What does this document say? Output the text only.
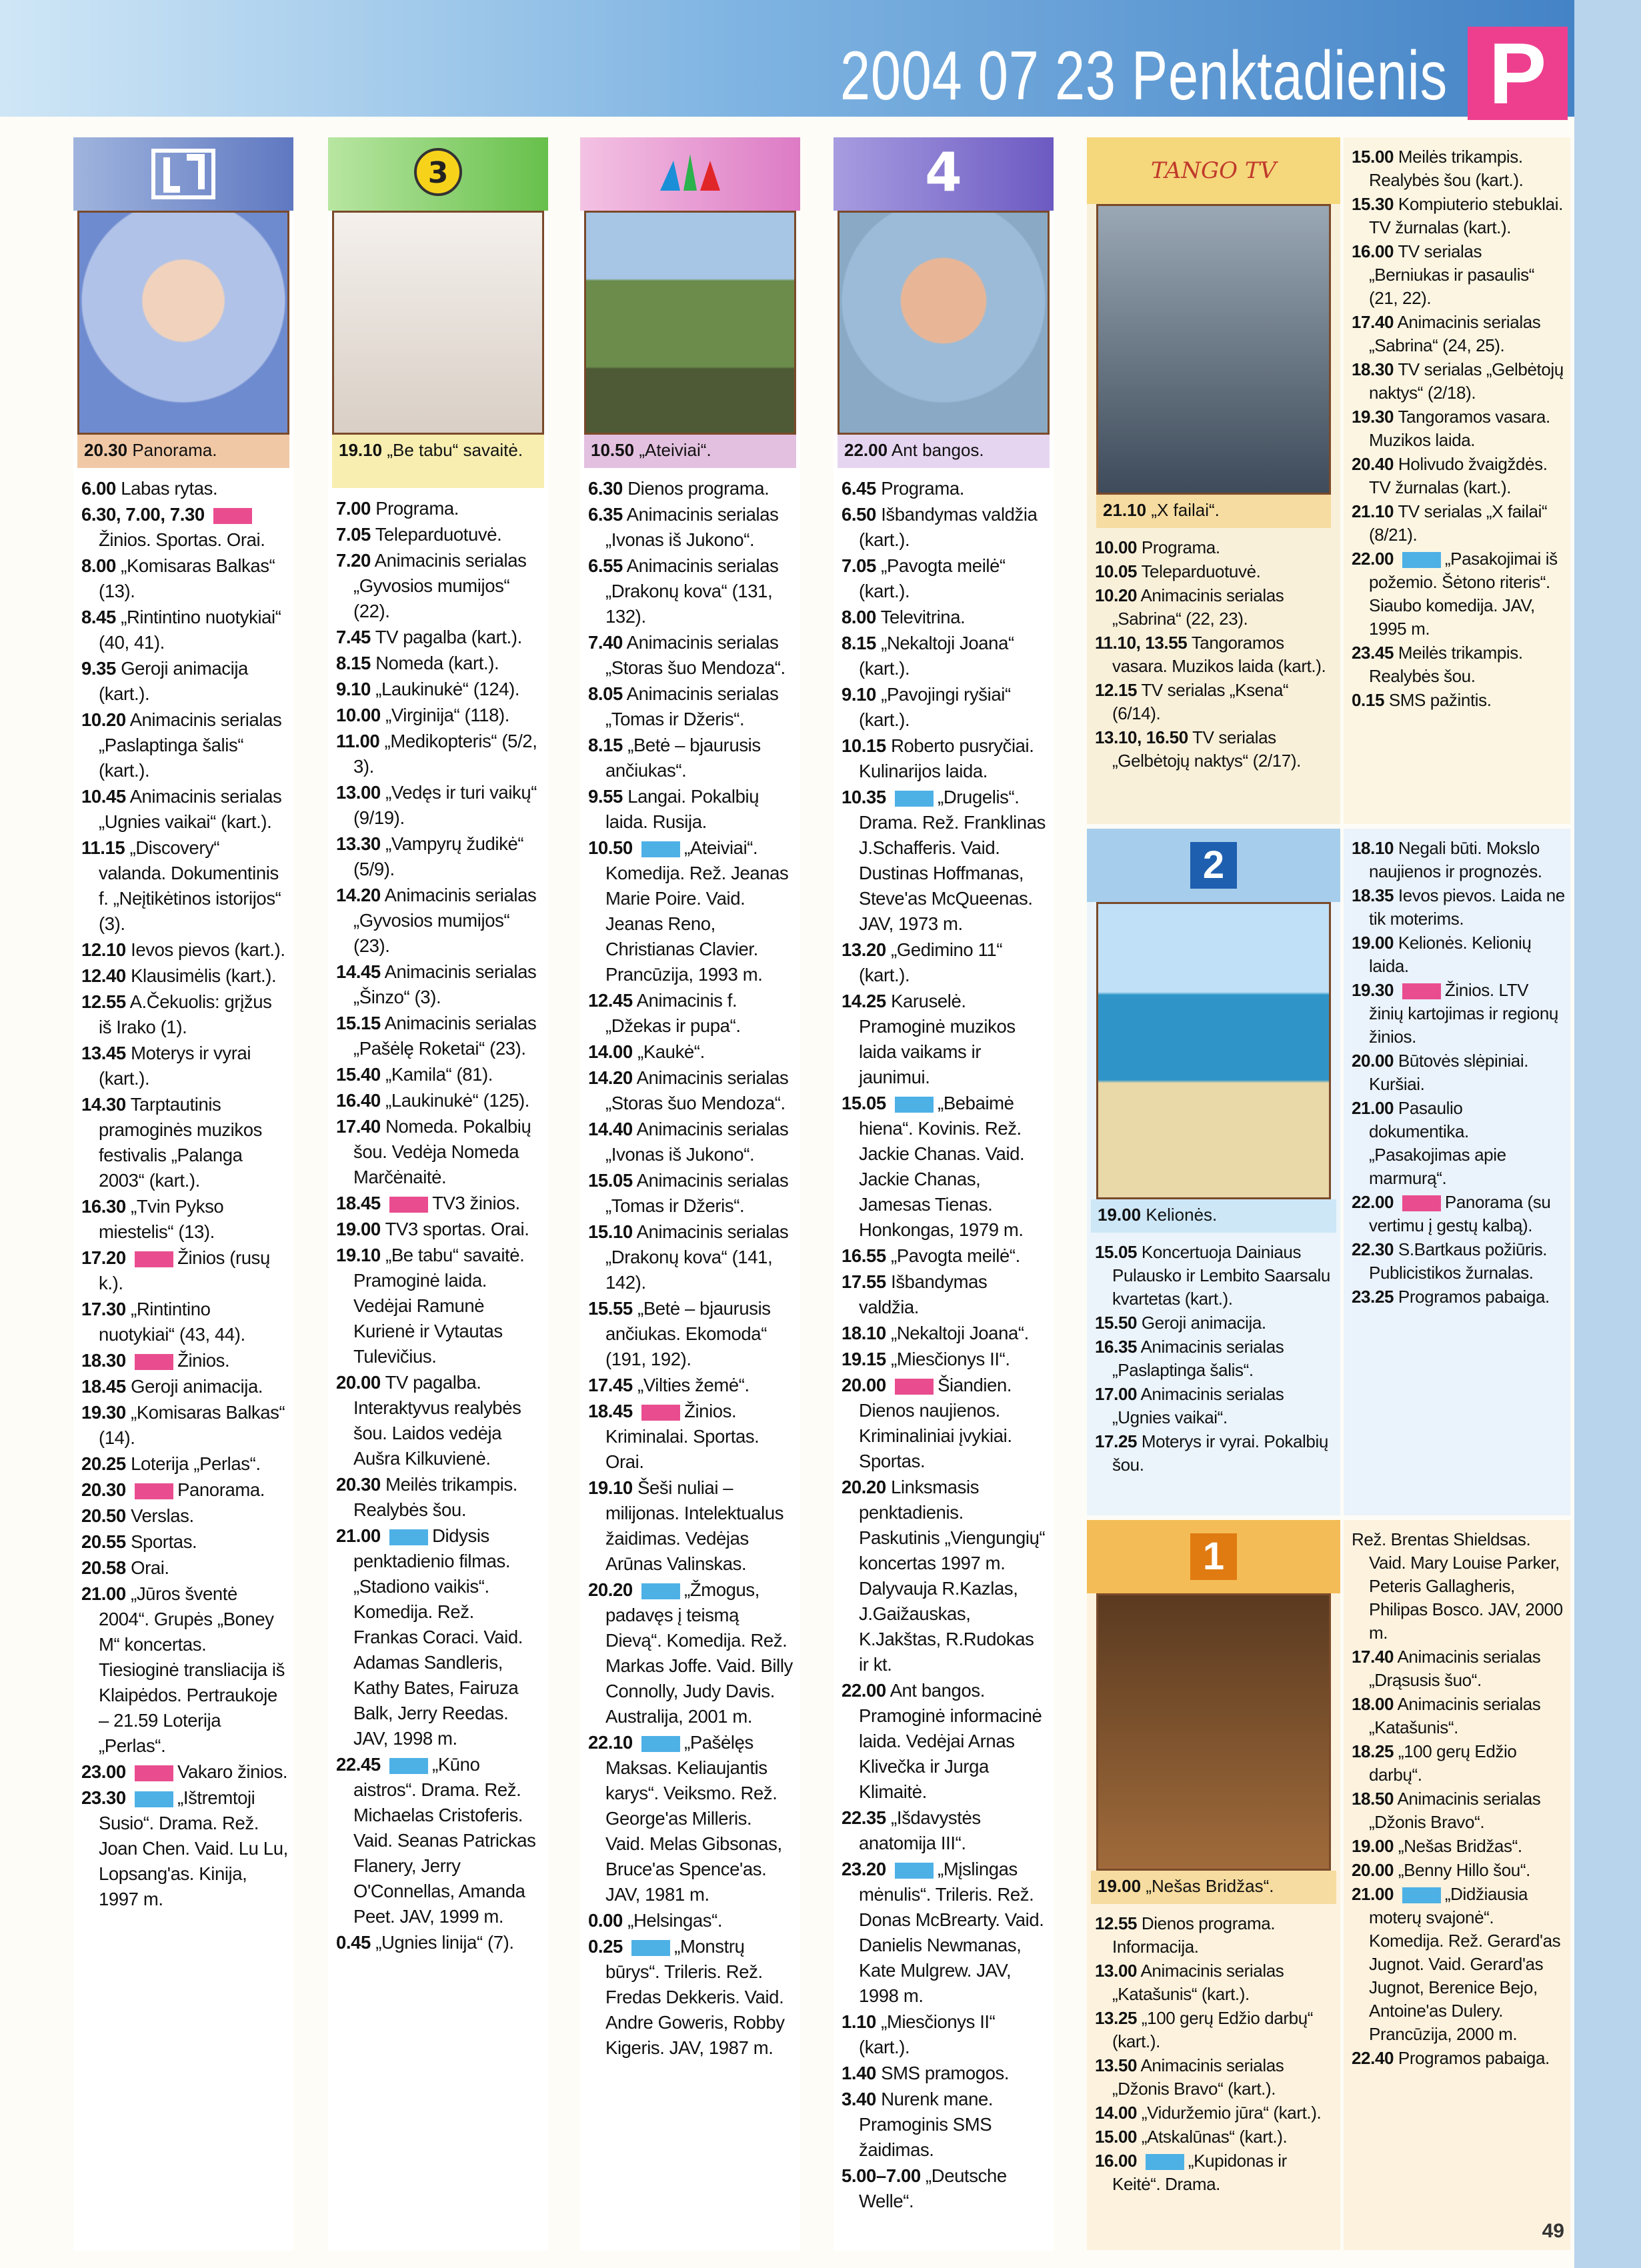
2004 07 23 Penktadienis P
20.30 Panorama.
6.00 Labas rytas.
6.30, 7.00, 7.30 Žinios. Sportas. Orai.
8.00 „Komisaras Balkas“ (13).
8.45 „Rintintino nuotykiai“ (40, 41).
9.35 Geroji animacija (kart.).
10.20 Animacinis serialas „Paslaptinga šalis“ (kart.).
10.45 Animacinis serialas „Ugnies vaikai“ (kart.).
11.15 „Discovery“ valanda. Dokumentinis f. „Neįtikėtinos istorijos“ (3).
12.10 Ievos pievos (kart.).
12.40 Klausimėlis (kart.).
12.55 A.Čekuolis: grįžus iš Irako (1).
13.45 Moterys ir vyrai (kart.).
14.30 Tarptautinis pramoginės muzikos festivalis „Palanga 2003“ (kart.).
16.30 „Tvin Pykso miestelis“ (13).
17.20	Žinios (rusų k.).
17.30 „Rintintino nuotykiai“ (43, 44).
18.30	Žinios.
18.45 Geroji animacija.
19.30 „Komisaras Balkas“ (14).
20.25 Loterija „Perlas“.
20.30	Panorama.
20.50 Verslas.
20.55 Sportas.
20.58 Orai.
21.00 „Jūros šventė 2004“. Grupės „Boney M“ koncertas. Tiesioginė transliacija iš Klaipėdos. Pertraukoje – 21.59 Loterija „Perlas“.
23.00	Vakaro žinios.
23.30	„Ištremtoji Susio“. Drama. Rež. Joan Chen. Vaid. Lu Lu, Lopsang'as. Kinija, 1997 m.
3
19.10 „Be tabu“ savaitė.
7.00 Programa.
7.05 Teleparduotuvė.
7.20 Animacinis serialas „Gyvosios mumijos“ (22).
7.45 TV pagalba (kart.).
8.15 Nomeda (kart.).
9.10 „Laukinukė“ (124).
10.00 „Virginija“ (118).
11.00 „Medikopteris“ (5/2, 3).
13.00 „Vedęs ir turi vaikų“ (9/19).
13.30 „Vampyrų žudikė“ (5/9).
14.20 Animacinis serialas „Gyvosios mumijos“ (23).
14.45 Animacinis serialas „Šinzo“ (3).
15.15 Animacinis serialas „Pašėlę Roketai“ (23).
15.40 „Kamila“ (81).
16.40 „Laukinukė“ (125).
17.40 Nomeda. Pokalbių šou. Vedėja Nomeda Marčėnaitė.
18.45	TV3 žinios.
19.00 TV3 sportas. Orai.
19.10 „Be tabu“ savaitė. Pramoginė laida. Vedėjai Ramunė Kurienė ir Vytautas Tulevičius.
20.00 TV pagalba. Interaktyvus realybės šou. Laidos vedėja Aušra Kilkuvienė.
20.30 Meilės trikampis. Realybės šou.
21.00	Didysis penktadienio filmas. „Stadiono vaikis“. Komedija. Rež. Frankas Coraci. Vaid. Adamas Sandleris, Kathy Bates, Fairuza Balk, Jerry Reedas. JAV, 1998 m.
22.45	„Kūno aistros“. Drama. Rež. Michaelas Cristoferis. Vaid. Seanas Patrickas Flanery, Jerry O'Connellas, Amanda Peet. JAV, 1999 m.
0.45 „Ugnies linija“ (7).
10.50 „Ateiviai“.
6.30 Dienos programa.
6.35 Animacinis serialas „Ivonas iš Jukono“.
6.55 Animacinis serialas „Drakonų kova“ (131, 132).
7.40 Animacinis serialas „Storas šuo Mendoza“.
8.05 Animacinis serialas „Tomas ir Džeris“.
8.15 „Betė – bjaurusis ančiukas“.
9.55 Langai. Pokalbių laida. Rusija.
10.50	„Ateiviai“. Komedija. Rež. Jeanas Marie Poire. Vaid. Jeanas Reno, Christianas Clavier. Prancūzija, 1993 m.
12.45 Animacinis f. „Džekas ir pupa“.
14.00 „Kaukė“.
14.20 Animacinis serialas „Storas šuo Mendoza“.
14.40 Animacinis serialas „Ivonas iš Jukono“.
15.05 Animacinis serialas „Tomas ir Džeris“.
15.10 Animacinis serialas „Drakonų kova“ (141, 142).
15.55 „Betė – bjaurusis ančiukas. Ekomoda“ (191, 192).
17.45 „Vilties žemė“.
18.45	Žinios. Kriminalai. Sportas. Orai.
19.10 Šeši nuliai – milijonas. Intelektualus žaidimas. Vedėjas Arūnas Valinskas.
20.20	„Žmogus, padavęs į teismą Dievą“. Komedija. Rež. Markas Joffe. Vaid. Billy Connolly, Judy Davis. Australija, 2001 m.
22.10	„Pašėlęs Maksas. Keliaujantis karys“. Veiksmo. Rež. George'as Milleris. Vaid. Melas Gibsonas, Bruce'as Spence'as. JAV, 1981 m.
0.00 „Helsingas“.
0.25	„Monstrų būrys“. Trileris. Rež. Fredas Dekkeris. Vaid. Andre Goweris, Robby Kigeris. JAV, 1987 m.
4
22.00 Ant bangos.
6.45 Programa.
6.50 Išbandymas valdžia (kart.).
7.05 „Pavogta meilė“ (kart.).
8.00 Televitrina.
8.15 „Nekaltoji Joana“ (kart.).
9.10 „Pavojingi ryšiai“ (kart.).
10.15 Roberto pusryčiai. Kulinarijos laida.
10.35	„Drugelis“. Drama. Rež. Franklinas J.Schafferis. Vaid. Dustinas Hoffmanas, Steve'as McQueenas. JAV, 1973 m.
13.20 „Gedimino 11“ (kart.).
14.25 Karuselė. Pramoginė muzikos laida vaikams ir jaunimui.
15.05	„Bebaimė hiena“. Kovinis. Rež. Jackie Chanas. Vaid. Jackie Chanas, Jamesas Tienas. Honkongas, 1979 m.
16.55 „Pavogta meilė“.
17.55 Išbandymas valdžia.
18.10 „Nekaltoji Joana“.
19.15 „Miesčionys II“.
20.00	Šiandien. Dienos naujienos. Kriminaliniai įvykiai. Sportas.
20.20 Linksmasis penktadienis. Paskutinis „Viengungių“ koncertas 1997 m. Dalyvauja R.Kazlas, J.Gaižauskas, K.Jakštas, R.Rudokas ir kt.
22.00 Ant bangos. Pramoginė informacinė laida. Vedėjai Arnas Klivečka ir Jurga Klimaitė.
22.35 „Išdavystės anatomija III“.
23.20	„Mįslingas mėnulis“. Trileris. Rež. Donas McBrearty. Vaid. Danielis Newmanas, Kate Mulgrew. JAV, 1998 m.
1.10 „Miesčionys II“ (kart.).
1.40 SMS pramogos.
3.40 Nurenk mane. Pramoginis SMS žaidimas.
5.00–7.00 „Deutsche Welle“.
TANGO TV
21.10 „X failai“.
10.00 Programa.
10.05 Teleparduotuvė.
10.20 Animacinis serialas „Sabrina“ (22, 23).
11.10, 13.55 Tangoramos vasara. Muzikos laida (kart.).
12.15 TV serialas „Ksena“ (6/14).
13.10, 16.50 TV serialas „Gelbėtojų naktys“ (2/17).
15.00 Meilės trikampis. Realybės šou (kart.).
15.30 Kompiuterio stebuklai. TV žurnalas (kart.).
16.00 TV serialas „Berniukas ir pasaulis“ (21, 22).
17.40 Animacinis serialas „Sabrina“ (24, 25).
18.30 TV serialas „Gelbėtojų naktys“ (2/18).
19.30 Tangoramos vasara. Muzikos laida.
20.40 Holivudo žvaigždės. TV žurnalas (kart.).
21.10 TV serialas „X failai“ (8/21).
22.00	„Pasakojimai iš požemio. Šėtono riteris“. Siaubo komedija. JAV, 1995 m.
23.45 Meilės trikampis. Realybės šou.
0.15 SMS pažintis.
2
19.00 Kelionės.
15.05 Koncertuoja Dainiaus Pulausko ir Lembito Saarsalu kvartetas (kart.).
15.50 Geroji animacija.
16.35 Animacinis serialas „Paslaptinga šalis“.
17.00 Animacinis serialas „Ugnies vaikai“.
17.25 Moterys ir vyrai. Pokalbių šou.
18.10 Negali būti. Mokslo naujienos ir prognozės.
18.35 Ievos pievos. Laida ne tik moterims.
19.00 Kelionės. Kelionių laida.
19.30	Žinios. LTV žinių kartojimas ir regionų žinios.
20.00 Būtovės slėpiniai. Kuršiai.
21.00 Pasaulio dokumentika. „Pasakojimas apie marmurą“.
22.00	Panorama (su vertimu į gestų kalbą).
22.30 S.Bartkaus požiūris. Publicistikos žurnalas.
23.25 Programos pabaiga.
1
19.00 „Nešas Bridžas“.
12.55 Dienos programa. Informacija.
13.00 Animacinis serialas „Katašunis“ (kart.).
13.25 „100 gerų Edžio darbų“ (kart.).
13.50 Animacinis serialas „Džonis Bravo“ (kart.).
14.00 „Viduržemio jūra“ (kart.).
15.00 „Atskalūnas“ (kart.).
16.00	„Kupidonas ir Keitė“. Drama.
Rež. Brentas Shieldsas. Vaid. Mary Louise Parker, Peteris Gallagheris, Philipas Bosco. JAV, 2000 m.
17.40 Animacinis serialas „Drąsusis šuo“.
18.00 Animacinis serialas „Katašunis“.
18.25 „100 gerų Edžio darbų“.
18.50 Animacinis serialas „Džonis Bravo“.
19.00 „Nešas Bridžas“.
20.00 „Benny Hillo šou“.
21.00	„Didžiausia moterų svajonė“. Komedija. Rež. Gerard'as Jugnot. Vaid. Gerard'as Jugnot, Berenice Bejo, Antoine'as Dulery. Prancūzija, 2000 m.
22.40 Programos pabaiga.
49
